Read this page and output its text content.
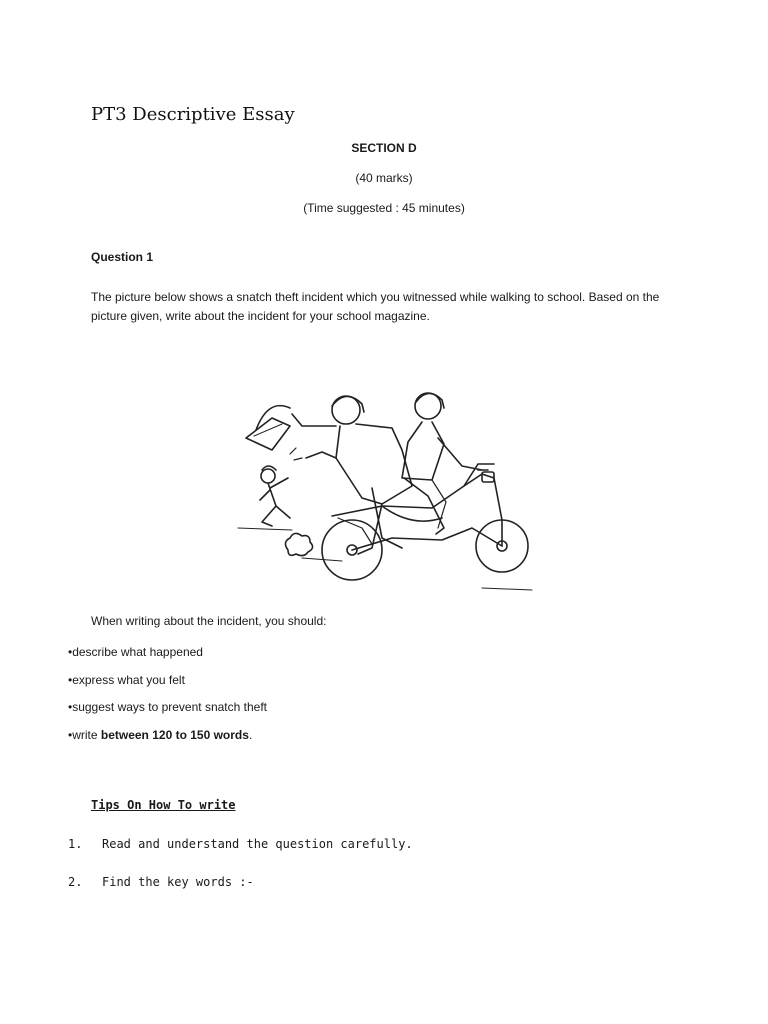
PT3 Descriptive Essay
SECTION D
(40 marks)
(Time suggested : 45 minutes)
Question 1
The picture below shows a snatch theft incident which you witnessed while walking to school. Based on the picture given, write about the incident for your school magazine.
When writing about the incident, you should:
•describe what happened
•express what you felt
•suggest ways to prevent snatch theft
•write between 120 to 150 words.
Tips On How To write
1. Read and understand the question carefully.
2. Find the key words :-
